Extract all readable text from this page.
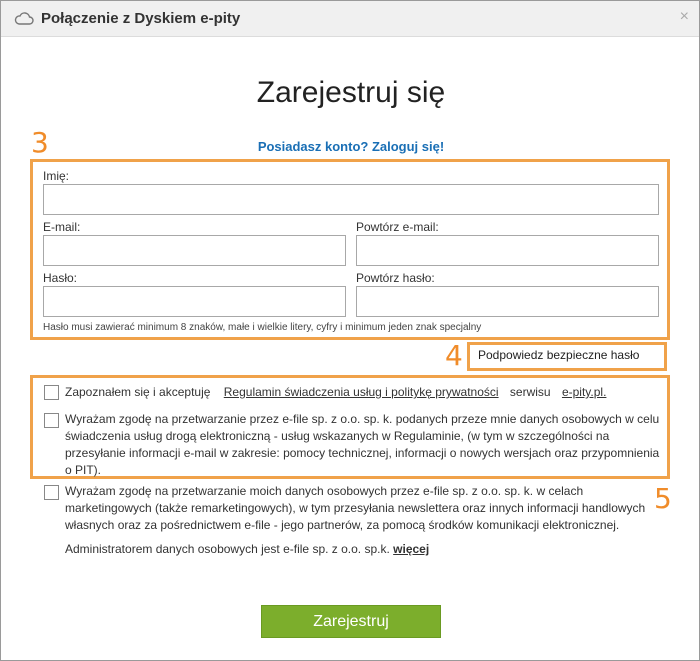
Połączenie z Dyskiem e-pity	×
Zarejestruj się
Posiadasz konto? Zaloguj się!
3
Imię:
E-mail:	Powtórz e-mail:
Hasło:	Powtórz hasło:
Hasło musi zawierać minimum 8 znaków, małe i wielkie litery, cyfry i minimum jeden znak specjalny
4	Podpowiedz bezpieczne hasło
Zapoznałem się i akceptuję Regulamin świadczenia usług i politykę prywatności serwisu e-pity.pl.
Wyrażam zgodę na przetwarzanie przez e-file sp. z o.o. sp. k. podanych przeze mnie danych osobowych w celu świadczenia usług drogą elektroniczną - usług wskazanych w Regulaminie, (w tym w szczególności na przesyłanie informacji e-mail w zakresie: pomocy technicznej, informacji o nowych wersjach oraz przypomnienia o PIT).
5
Wyrażam zgodę na przetwarzanie moich danych osobowych przez e-file sp. z o.o. sp. k. w celach marketingowych (także remarketingowych), w tym przesyłania newslettera oraz innych informacji handlowych własnych oraz za pośrednictwem e-file - jego partnerów, za pomocą środków komunikacji elektronicznej.
Administratorem danych osobowych jest e-file sp. z o.o. sp.k. więcej
Zarejestruj
